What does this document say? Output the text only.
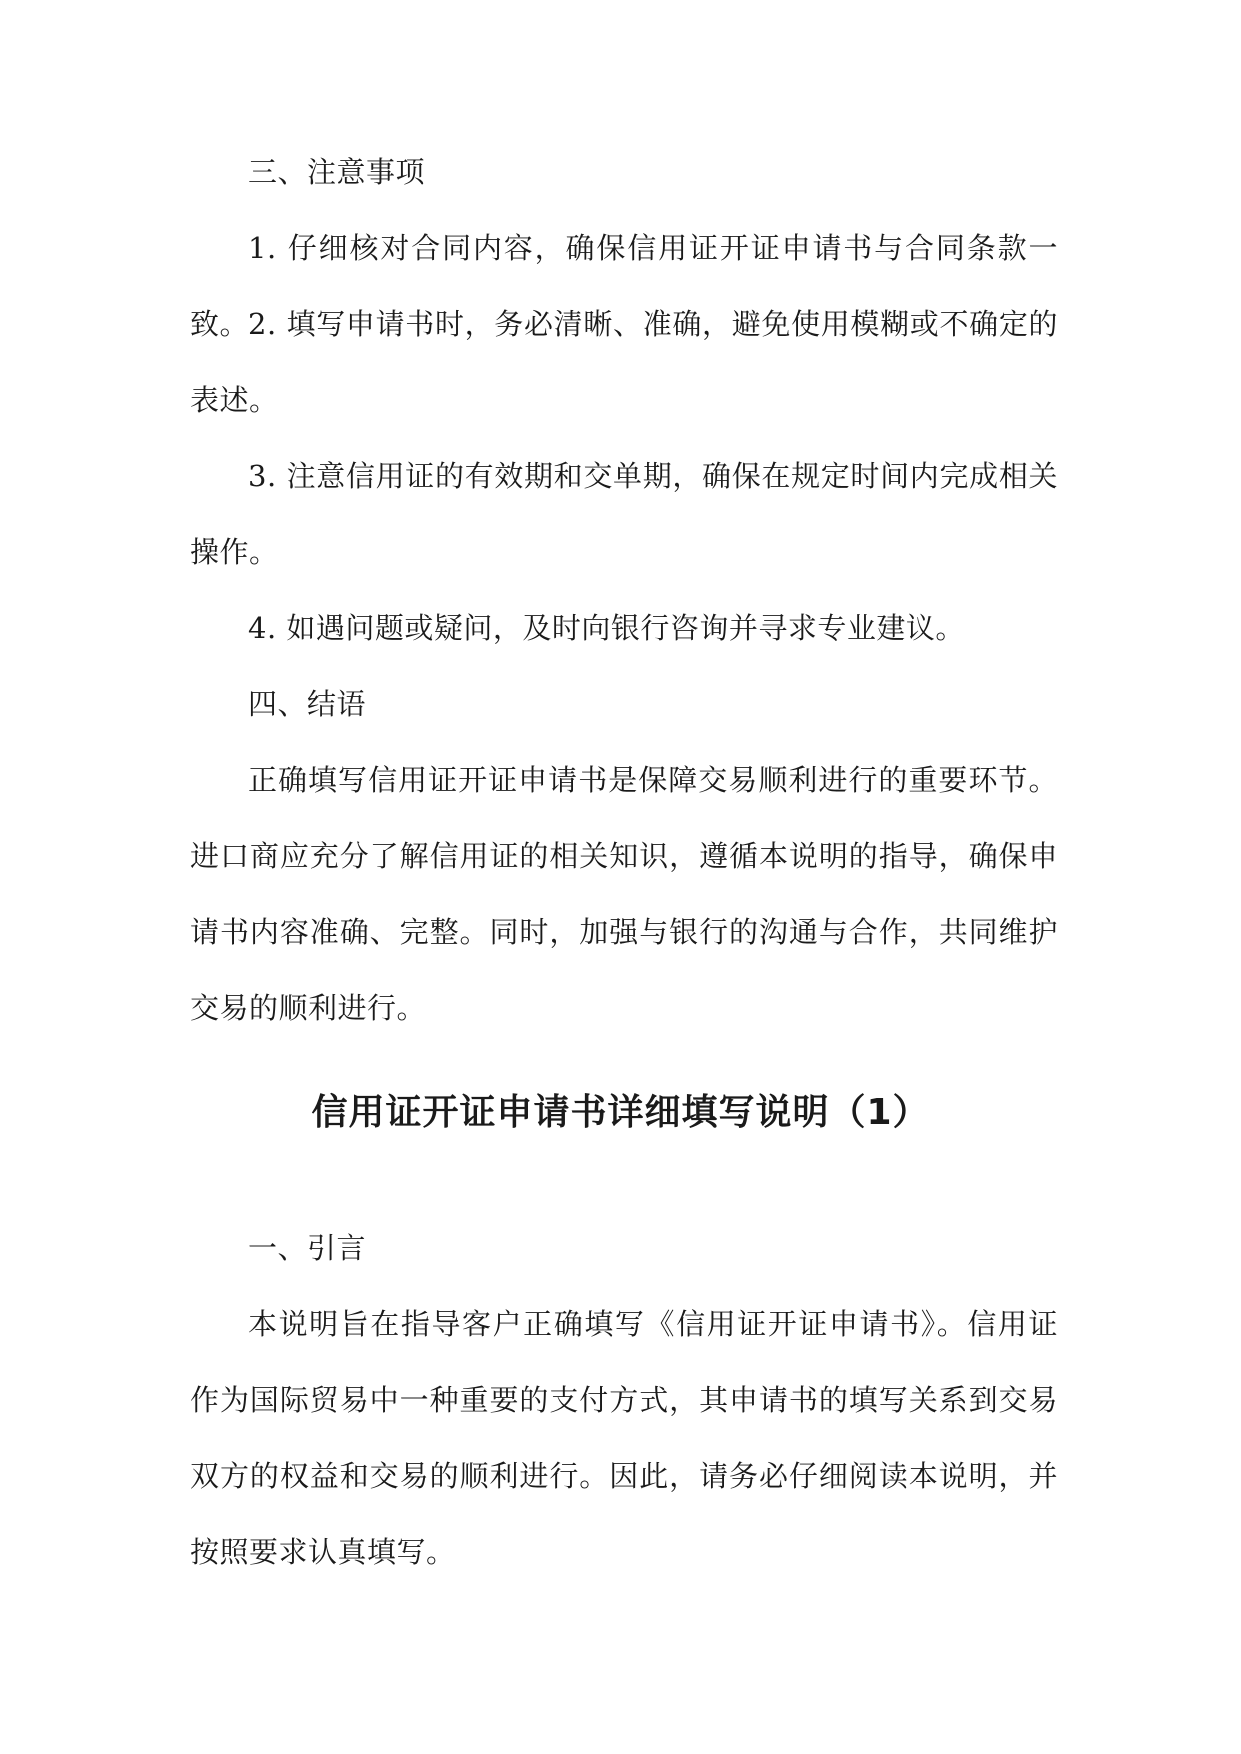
三、注意事项

1. 仔细核对合同内容，确保信用证开证申请书与合同条款一致。

2. 填写申请书时，务必清晰、准确，避免使用模糊或不确定的表述。

3. 注意信用证的有效期和交单期，确保在规定时间内完成相关操作。

4. 如遇问题或疑问，及时向银行咨询并寻求专业建议。

四、结语

正确填写信用证开证申请书是保障交易顺利进行的重要环节。进口商应充分了解信用证的相关知识，遵循本说明的指导，确保申请书内容准确、完整。同时，加强与银行的沟通与合作，共同维护交易的顺利进行。

信用证开证申请书详细填写说明（1）

一、引言

本说明旨在指导客户正确填写《信用证开证申请书》。信用证作为国际贸易中一种重要的支付方式，其申请书的填写关系到交易双方的权益和交易的顺利进行。因此，请务必仔细阅读本说明，并按照要求认真填写。
